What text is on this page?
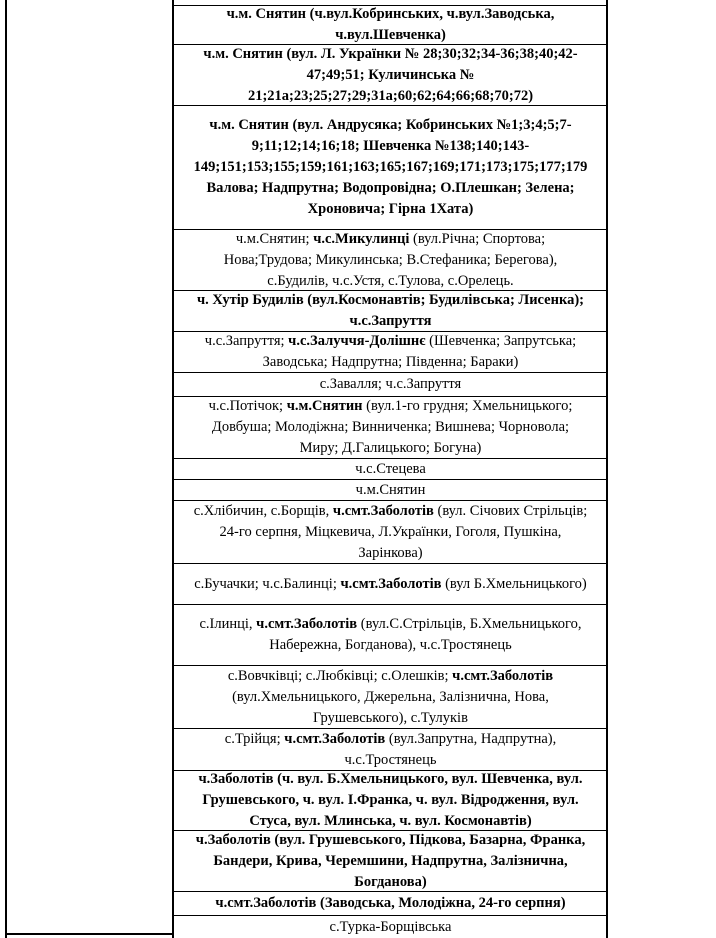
ч.м. Снятин (ч.вул.Кобринських, ч.вул.Заводська,
ч.вул.Шевченка)
ч.м. Снятин (вул. Л. Українки № 28;30;32;34-36;38;40;42-
47;49;51; Куличинська №
21;21а;23;25;27;29;31а;60;62;64;66;68;70;72)
ч.м. Снятин (вул. Андрусяка; Кобринських №1;3;4;5;7-
9;11;12;14;16;18; Шевченка №138;140;143-
149;151;153;155;159;161;163;165;167;169;171;173;175;177;179
Валова; Надпрутна; Водопровідна; О.Плешкан; Зелена;
Хроновича; Гірна 1Хата)
ч.м.Снятин; ч.с.Микулинці (вул.Річна; Спортова;
Нова;Трудова; Микулинська; В.Стефаника; Берегова),
с.Будилів, ч.с.Устя, с.Тулова, с.Орелець.
ч. Хутір Будилів (вул.Космонавтів; Будилівська; Лисенка);
ч.с.Запруття
ч.с.Запруття; ч.с.Залуччя-Долішнє (Шевченка; Запрутська;
Заводська; Надпрутна; Південна; Бараки)
с.Завалля; ч.с.Запруття
ч.с.Потічок; ч.м.Снятин (вул.1-го грудня; Хмельницького;
Довбуша; Молодіжна; Винниченка; Вишнева; Чорновола;
Миру; Д.Галицького; Богуна)
ч.с.Стецева
ч.м.Снятин
с.Хлібичин, с.Борщів, ч.смт.Заболотів (вул. Січових Стрільців;
24-го серпня, Міцкевича, Л.Українки, Гоголя, Пушкіна,
Зарінкова)
с.Бучачки; ч.с.Балинці; ч.смт.Заболотів (вул Б.Хмельницького)
с.Ілинці, ч.смт.Заболотів (вул.С.Стрільців, Б.Хмельницького,
Набережна, Богданова), ч.с.Тростянець
с.Вовчківці; с.Любківці; с.Олешків; ч.смт.Заболотів
(вул.Хмельницького, Джерельна, Залізнична, Нова,
Грушевського), с.Тулуків
с.Трійця; ч.смт.Заболотів (вул.Запрутна, Надпрутна),
ч.с.Тростянець
ч.Заболотів (ч. вул. Б.Хмельницького, вул. Шевченка, вул.
Грушевського, ч. вул. І.Франка, ч. вул. Відродження, вул.
Стуса, вул. Млинська, ч. вул. Космонавтів)
ч.Заболотів (вул. Грушевського, Підкова, Базарна, Франка,
Бандери, Крива, Черемшини, Надпрутна, Залізнична,
Богданова)
ч.смт.Заболотів (Заводська, Молодіжна, 24-го серпня)
с.Турка-Борщівська
